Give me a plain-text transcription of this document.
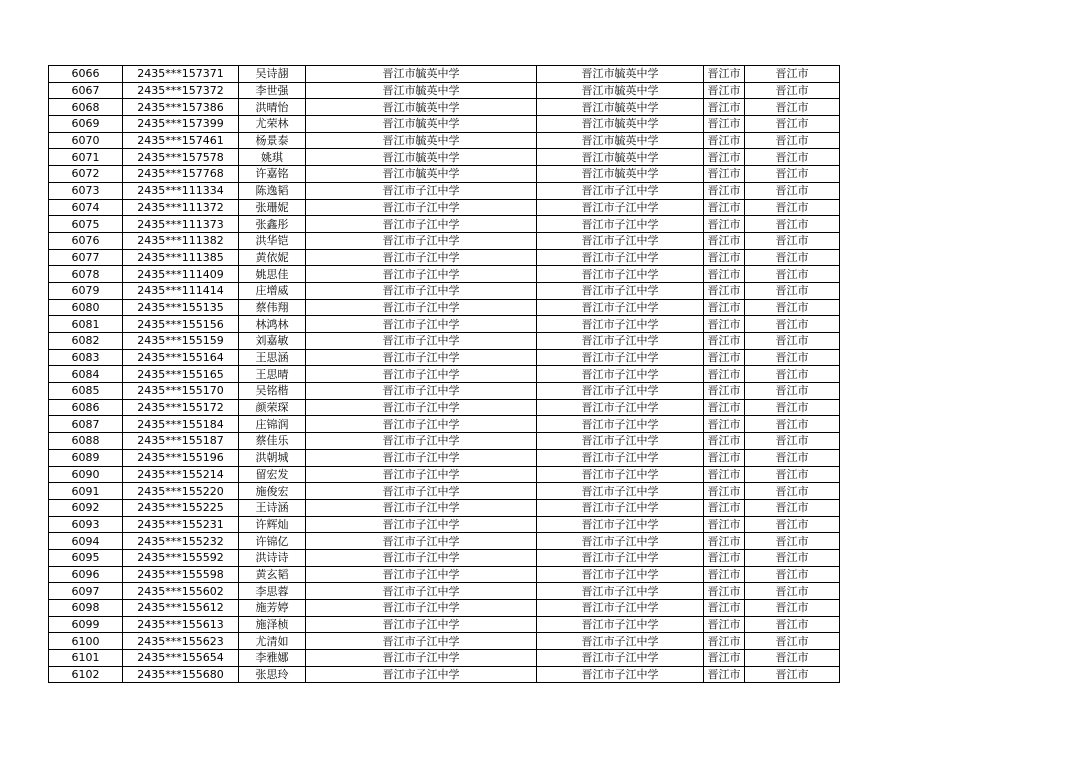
6066	2435***157371	吴诗翓	晋江市毓英中学	晋江市毓英中学	晋江市	晋江市
6067	2435***157372	李世强	晋江市毓英中学	晋江市毓英中学	晋江市	晋江市
6068	2435***157386	洪晴怡	晋江市毓英中学	晋江市毓英中学	晋江市	晋江市
6069	2435***157399	尤荣林	晋江市毓英中学	晋江市毓英中学	晋江市	晋江市
6070	2435***157461	杨景泰	晋江市毓英中学	晋江市毓英中学	晋江市	晋江市
6071	2435***157578	姚琪	晋江市毓英中学	晋江市毓英中学	晋江市	晋江市
6072	2435***157768	许嘉铭	晋江市毓英中学	晋江市毓英中学	晋江市	晋江市
6073	2435***111334	陈逸韬	晋江市子江中学	晋江市子江中学	晋江市	晋江市
6074	2435***111372	张珊妮	晋江市子江中学	晋江市子江中学	晋江市	晋江市
6075	2435***111373	张鑫彤	晋江市子江中学	晋江市子江中学	晋江市	晋江市
6076	2435***111382	洪华铠	晋江市子江中学	晋江市子江中学	晋江市	晋江市
6077	2435***111385	黄依妮	晋江市子江中学	晋江市子江中学	晋江市	晋江市
6078	2435***111409	姚思佳	晋江市子江中学	晋江市子江中学	晋江市	晋江市
6079	2435***111414	庄增威	晋江市子江中学	晋江市子江中学	晋江市	晋江市
6080	2435***155135	蔡伟翔	晋江市子江中学	晋江市子江中学	晋江市	晋江市
6081	2435***155156	林鸿林	晋江市子江中学	晋江市子江中学	晋江市	晋江市
6082	2435***155159	刘嘉敏	晋江市子江中学	晋江市子江中学	晋江市	晋江市
6083	2435***155164	王思涵	晋江市子江中学	晋江市子江中学	晋江市	晋江市
6084	2435***155165	王思晴	晋江市子江中学	晋江市子江中学	晋江市	晋江市
6085	2435***155170	吴铭楷	晋江市子江中学	晋江市子江中学	晋江市	晋江市
6086	2435***155172	颜荣琛	晋江市子江中学	晋江市子江中学	晋江市	晋江市
6087	2435***155184	庄锦润	晋江市子江中学	晋江市子江中学	晋江市	晋江市
6088	2435***155187	蔡佳乐	晋江市子江中学	晋江市子江中学	晋江市	晋江市
6089	2435***155196	洪朝城	晋江市子江中学	晋江市子江中学	晋江市	晋江市
6090	2435***155214	留宏发	晋江市子江中学	晋江市子江中学	晋江市	晋江市
6091	2435***155220	施俊宏	晋江市子江中学	晋江市子江中学	晋江市	晋江市
6092	2435***155225	王诗涵	晋江市子江中学	晋江市子江中学	晋江市	晋江市
6093	2435***155231	许辉灿	晋江市子江中学	晋江市子江中学	晋江市	晋江市
6094	2435***155232	许锦亿	晋江市子江中学	晋江市子江中学	晋江市	晋江市
6095	2435***155592	洪诗诗	晋江市子江中学	晋江市子江中学	晋江市	晋江市
6096	2435***155598	黄玄韬	晋江市子江中学	晋江市子江中学	晋江市	晋江市
6097	2435***155602	李思蓉	晋江市子江中学	晋江市子江中学	晋江市	晋江市
6098	2435***155612	施芳婷	晋江市子江中学	晋江市子江中学	晋江市	晋江市
6099	2435***155613	施泽桢	晋江市子江中学	晋江市子江中学	晋江市	晋江市
6100	2435***155623	尤清如	晋江市子江中学	晋江市子江中学	晋江市	晋江市
6101	2435***155654	李雅娜	晋江市子江中学	晋江市子江中学	晋江市	晋江市
6102	2435***155680	张思玲	晋江市子江中学	晋江市子江中学	晋江市	晋江市
